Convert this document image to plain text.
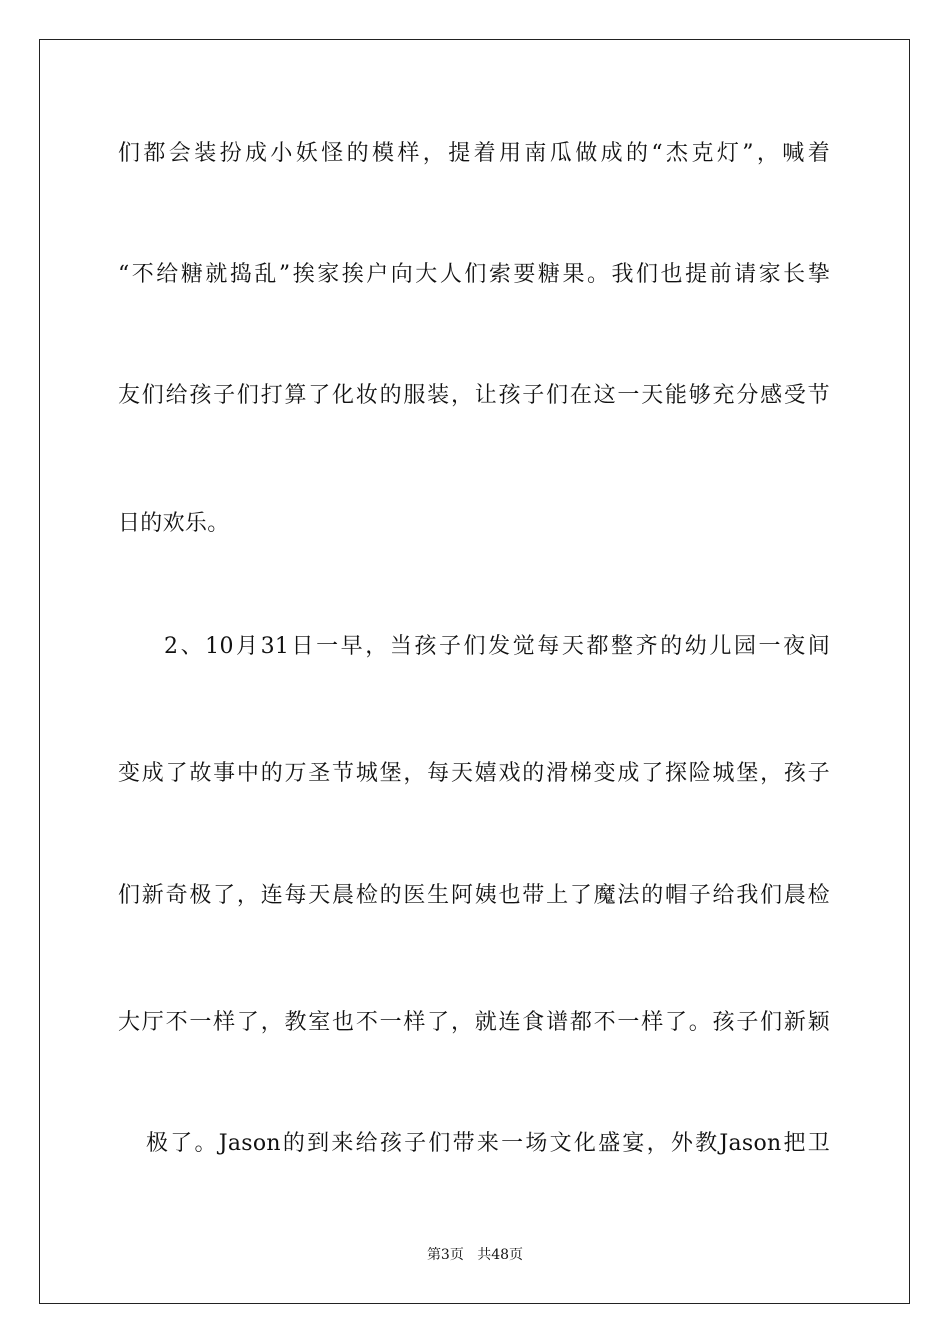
们都会装扮成小妖怪的模样，提着用南瓜做成的“杰克灯”，喊着
“不给糖就捣乱”挨家挨户向大人们索要糖果。我们也提前请家长挚
友们给孩子们打算了化妆的服装，让孩子们在这一天能够充分感受节
日的欢乐。
2、10月31日一早，当孩子们发觉每天都整齐的幼儿园一夜间
变成了故事中的万圣节城堡，每天嬉戏的滑梯变成了探险城堡，孩子
们新奇极了，连每天晨检的医生阿姨也带上了魔法的帽子给我们晨检
大厅不一样了，教室也不一样了，就连食谱都不一样了。孩子们新颖
极了。Jason的到来给孩子们带来一场文化盛宴，外教Jason把卫
第3页 共48页
